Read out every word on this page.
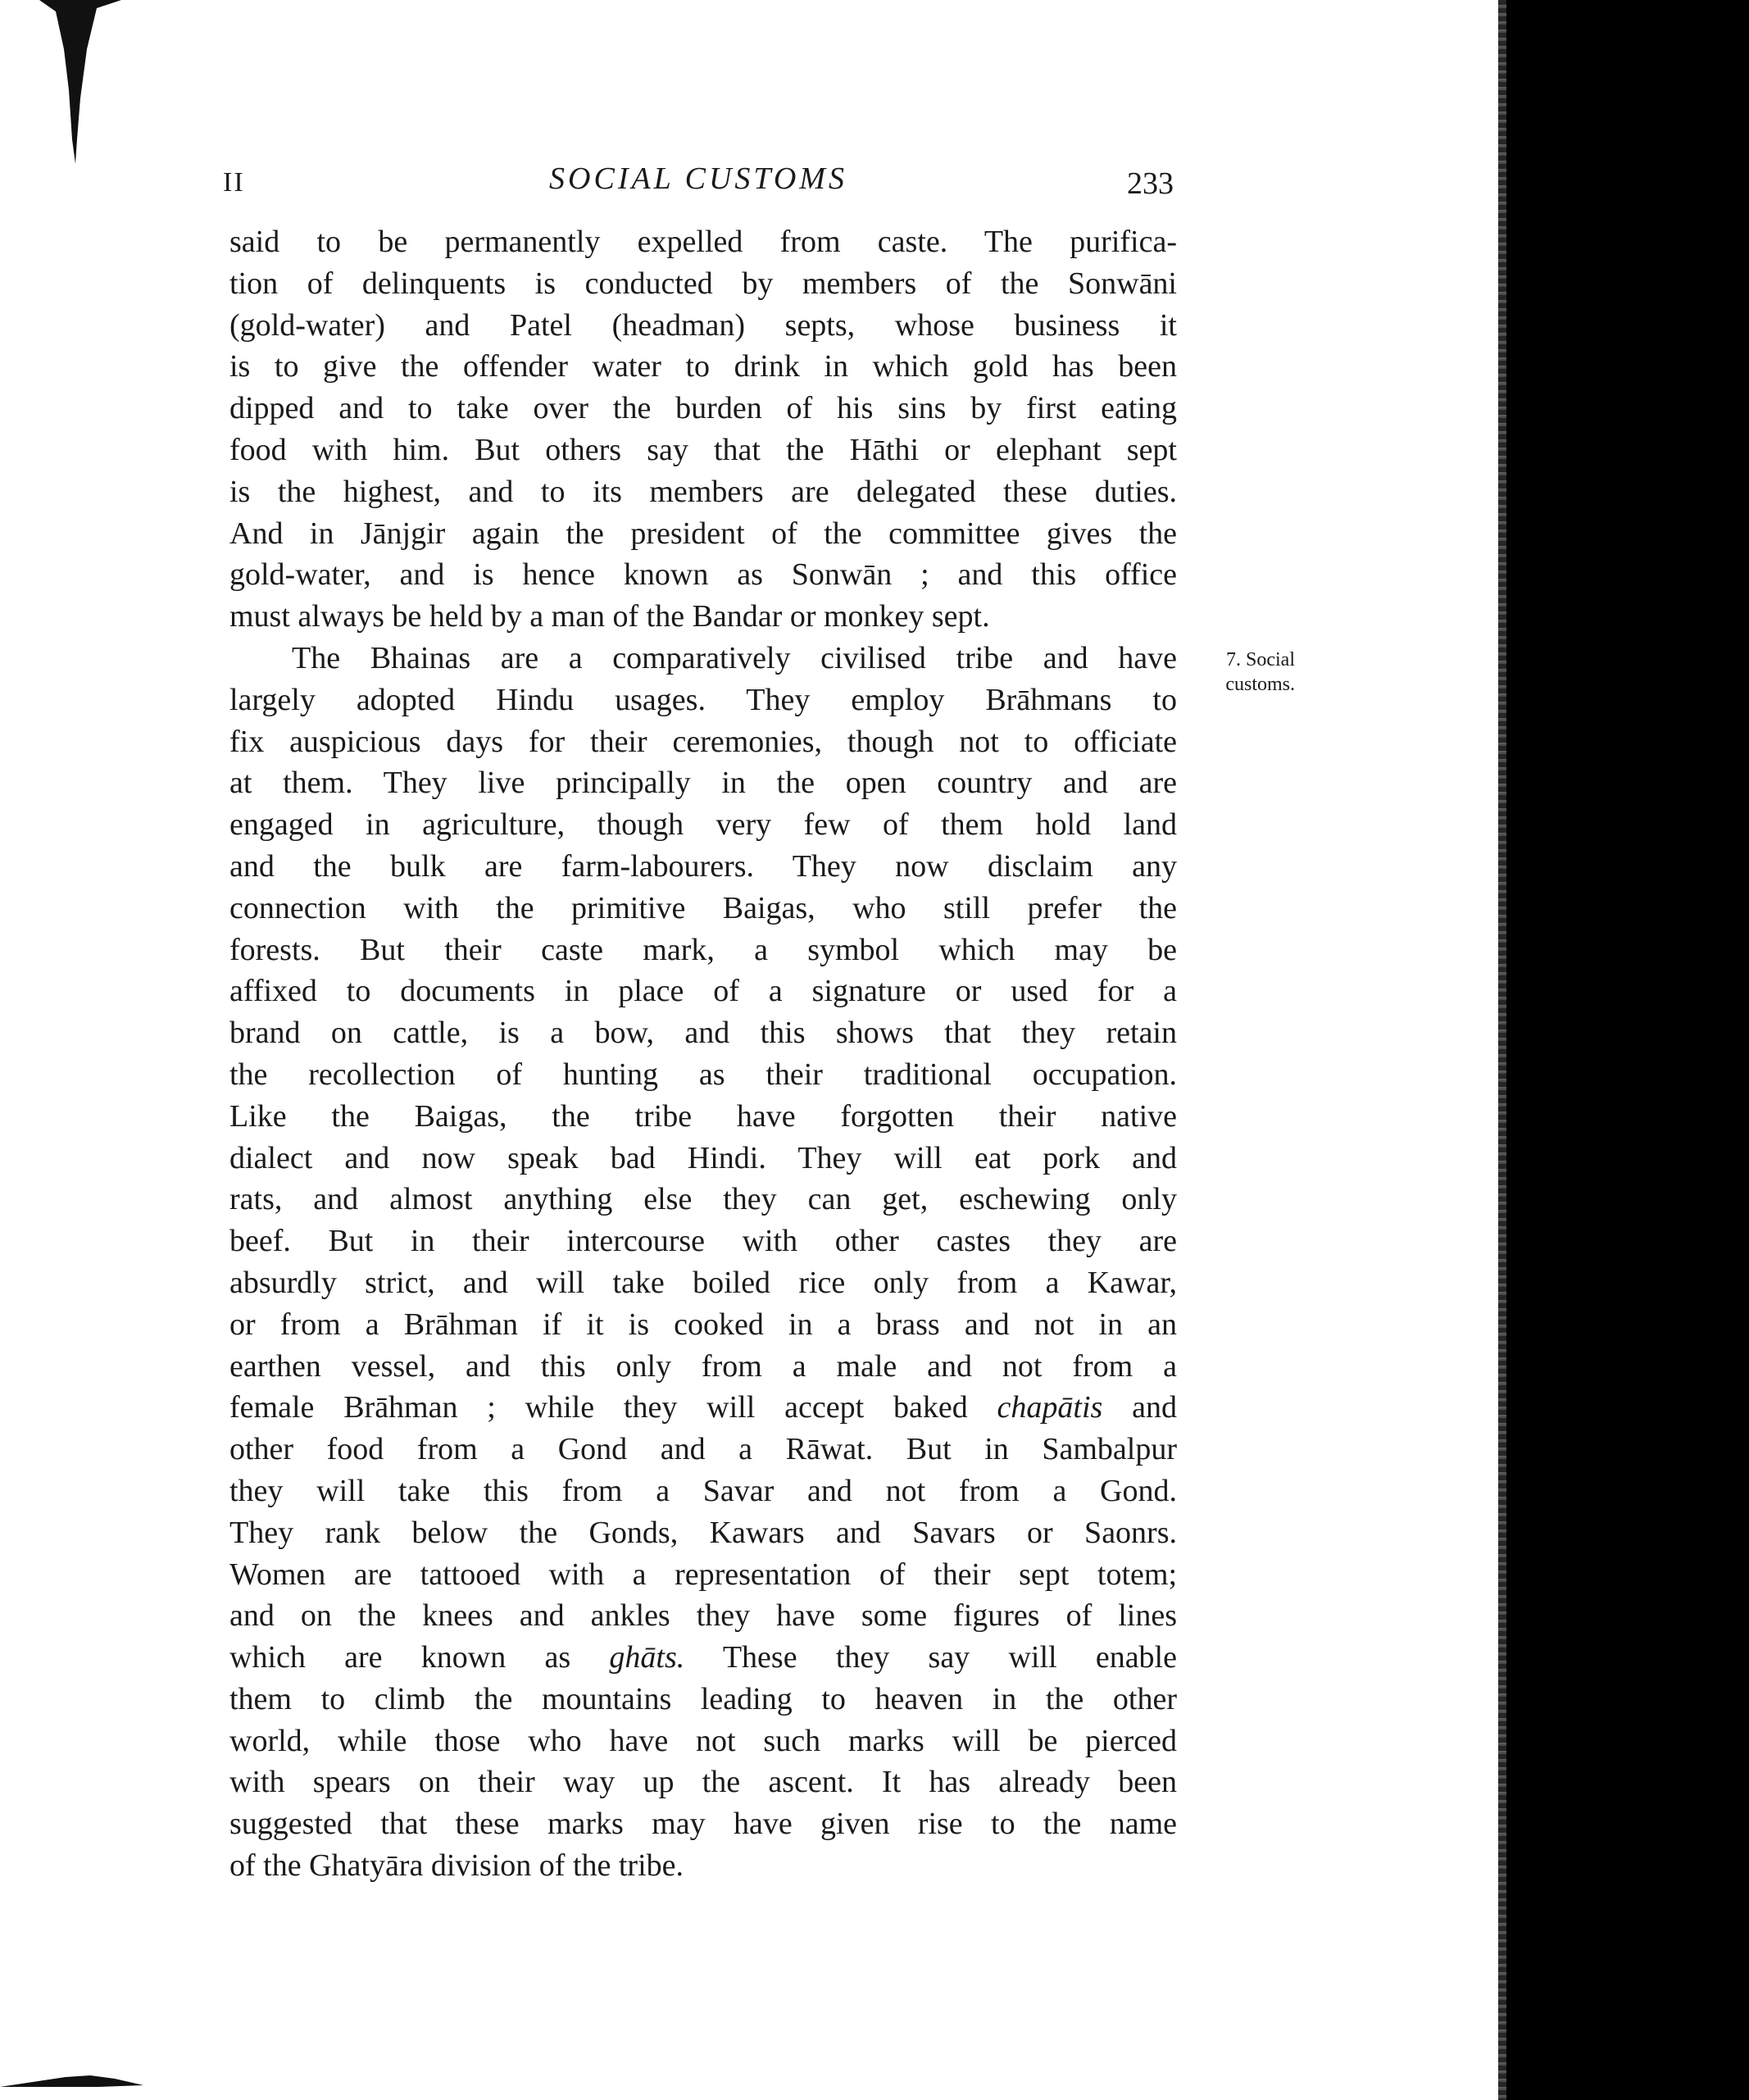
II	SOCIAL CUSTOMS	233
7. Social
customs.
said to be permanently expelled from caste. The purifica-
tion of delinquents is conducted by members of the Sonwāni
(gold-water) and Patel (headman) septs, whose business it
is to give the offender water to drink in which gold has been
dipped and to take over the burden of his sins by first eating
food with him. But others say that the Hāthi or elephant sept
is the highest, and to its members are delegated these duties.
And in Jānjgir again the president of the committee gives the
gold-water, and is hence known as Sonwān ; and this office
must always be held by a man of the Bandar or monkey sept.
The Bhainas are a comparatively civilised tribe and have
largely adopted Hindu usages. They employ Brāhmans to
fix auspicious days for their ceremonies, though not to officiate
at them. They live principally in the open country and are
engaged in agriculture, though very few of them hold land
and the bulk are farm-labourers. They now disclaim any
connection with the primitive Baigas, who still prefer the
forests. But their caste mark, a symbol which may be
affixed to documents in place of a signature or used for a
brand on cattle, is a bow, and this shows that they retain
the recollection of hunting as their traditional occupation.
Like the Baigas, the tribe have forgotten their native
dialect and now speak bad Hindi. They will eat pork and
rats, and almost anything else they can get, eschewing only
beef. But in their intercourse with other castes they are
absurdly strict, and will take boiled rice only from a Kawar,
or from a Brāhman if it is cooked in a brass and not in an
earthen vessel, and this only from a male and not from a
female Brāhman ; while they will accept baked chapātis and
other food from a Gond and a Rāwat. But in Sambalpur
they will take this from a Savar and not from a Gond.
They rank below the Gonds, Kawars and Savars or Saonrs.
Women are tattooed with a representation of their sept totem;
and on the knees and ankles they have some figures of lines
which are known as ghāts. These they say will enable
them to climb the mountains leading to heaven in the other
world, while those who have not such marks will be pierced
with spears on their way up the ascent. It has already been
suggested that these marks may have given rise to the name
of the Ghatyāra division of the tribe.
